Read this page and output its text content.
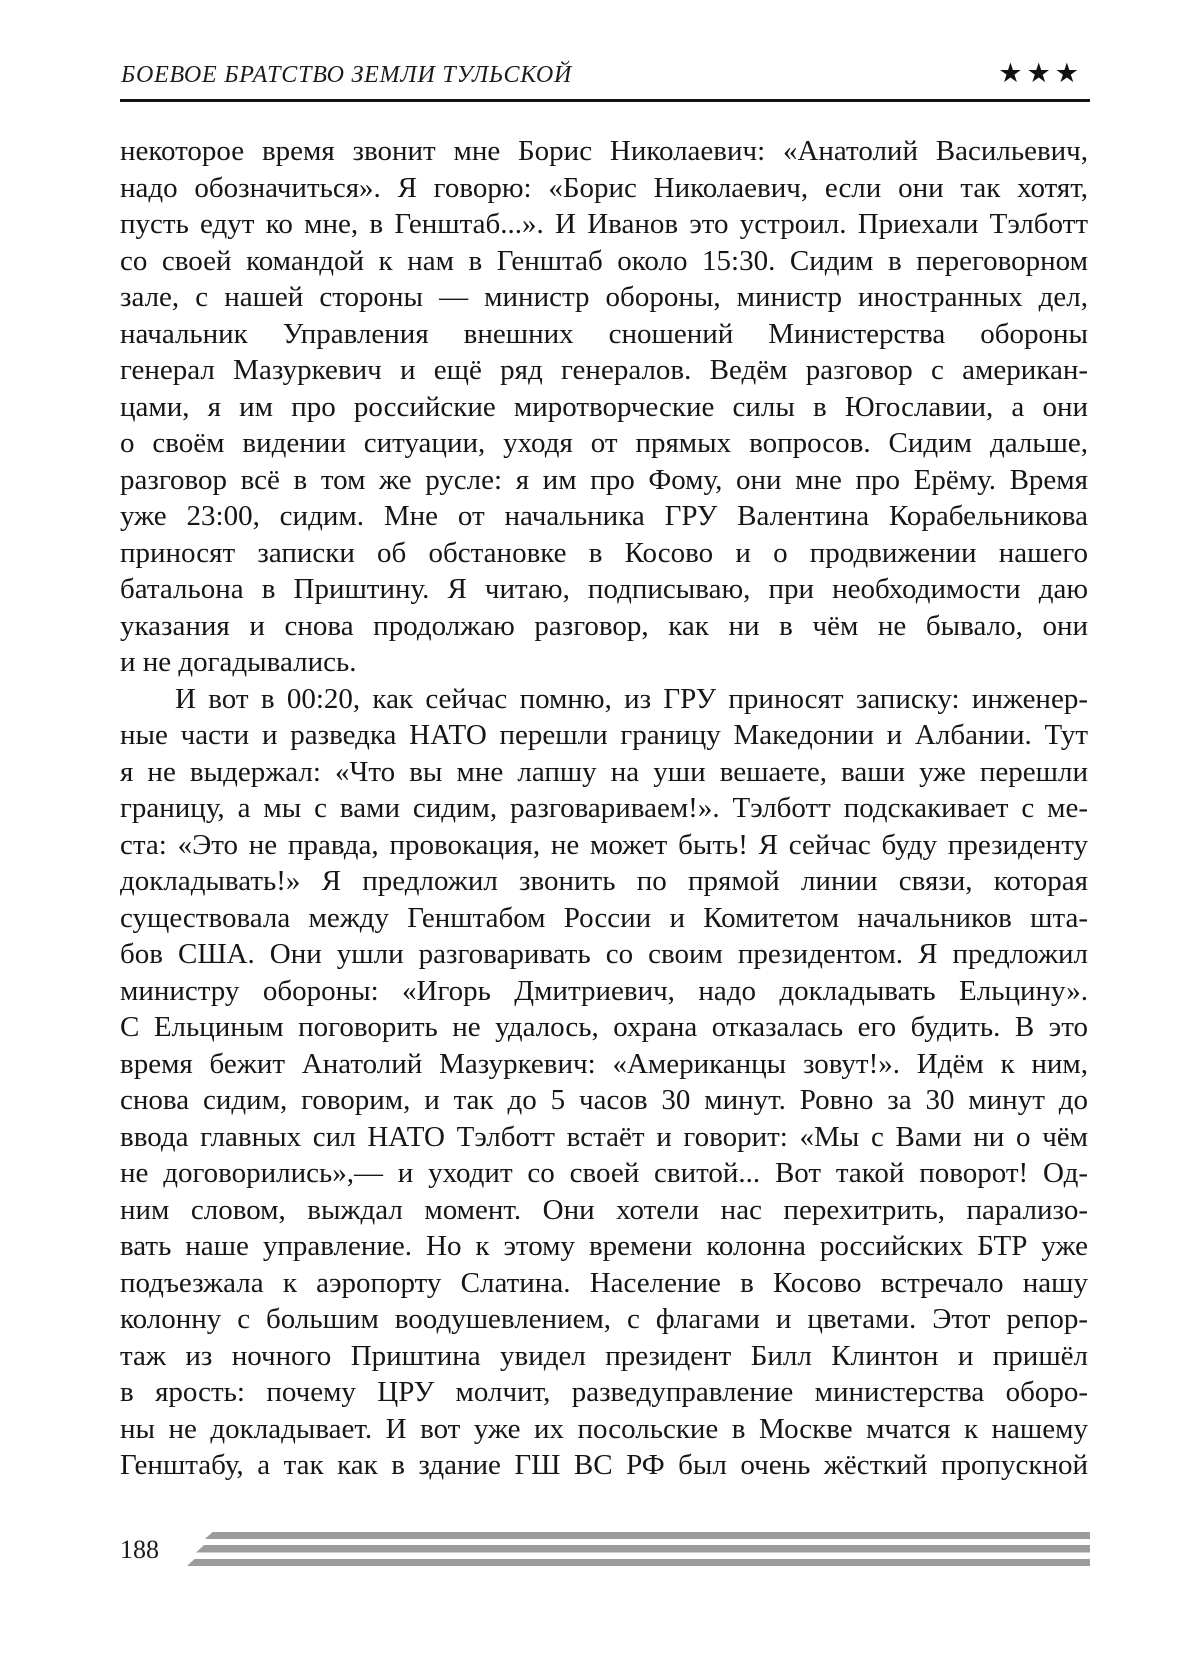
БОЕВОЕ БРАТСТВО ЗЕМЛИ ТУЛЬСКОЙ	★★★
некоторое время звонит мне Борис Николаевич: «Анатолий Васильевич,
надо обозначиться». Я говорю: «Борис Николаевич, если они так хотят,
пусть едут ко мне, в Генштаб...». И Иванов это устроил. Приехали Тэлботт
со своей командой к нам в Генштаб около 15:30. Сидим в переговорном
зале, с нашей стороны — министр обороны, министр иностранных дел,
начальник Управления внешних сношений Министерства обороны
генерал Мазуркевич и ещё ряд генералов. Ведём разговор с американ-
цами, я им про российские миротворческие силы в Югославии, а они
о своём видении ситуации, уходя от прямых вопросов. Сидим дальше,
разговор всё в том же русле: я им про Фому, они мне про Ерёму. Время
уже 23:00, сидим. Мне от начальника ГРУ Валентина Корабельникова
приносят записки об обстановке в Косово и о продвижении нашего
батальона в Приштину. Я читаю, подписываю, при необходимости даю
указания и снова продолжаю разговор, как ни в чём не бывало, они
и не догадывались.
И вот в 00:20, как сейчас помню, из ГРУ приносят записку: инженер-
ные части и разведка НАТО перешли границу Македонии и Албании. Тут
я не выдержал: «Что вы мне лапшу на уши вешаете, ваши уже перешли
границу, а мы с вами сидим, разговариваем!». Тэлботт подскакивает с ме-
ста: «Это не правда, провокация, не может быть! Я сейчас буду президенту
докладывать!» Я предложил звонить по прямой линии связи, которая
существовала между Генштабом России и Комитетом начальников шта-
бов США. Они ушли разговаривать со своим президентом. Я предложил
министру обороны: «Игорь Дмитриевич, надо докладывать Ельцину».
С Ельциным поговорить не удалось, охрана отказалась его будить. В это
время бежит Анатолий Мазуркевич: «Американцы зовут!». Идём к ним,
снова сидим, говорим, и так до 5 часов 30 минут. Ровно за 30 минут до
ввода главных сил НАТО Тэлботт встаёт и говорит: «Мы с Вами ни о чём
не договорились»,— и уходит со своей свитой... Вот такой поворот! Од-
ним словом, выждал момент. Они хотели нас перехитрить, парализо-
вать наше управление. Но к этому времени колонна российских БТР уже
подъезжала к аэропорту Слатина. Население в Косово встречало нашу
колонну с большим воодушевлением, с флагами и цветами. Этот репор-
таж из ночного Приштина увидел президент Билл Клинтон и пришёл
в ярость: почему ЦРУ молчит, разведуправление министерства оборо-
ны не докладывает. И вот уже их посольские в Москве мчатся к нашему
Генштабу, а так как в здание ГШ ВС РФ был очень жёсткий пропускной
188
